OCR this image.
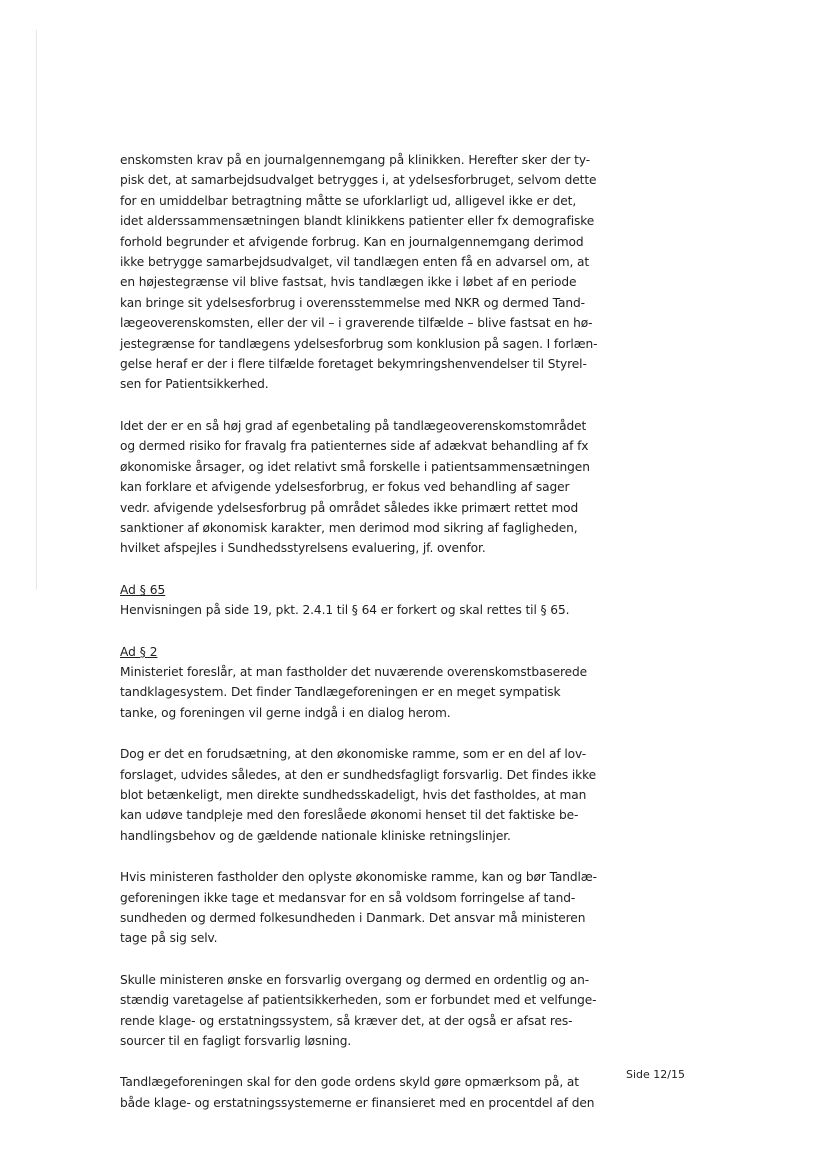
enskomsten krav på en journalgennemgang på klinikken. Herefter sker der ty-
pisk det, at samarbejdsudvalget betrygges i, at ydelsesforbruget, selvom dette
for en umiddelbar betragtning måtte se uforklarligt ud, alligevel ikke er det,
idet alderssammensætningen blandt klinikkens patienter eller fx demografiske
forhold begrunder et afvigende forbrug. Kan en journalgennemgang derimod
ikke betrygge samarbejdsudvalget, vil tandlægen enten få en advarsel om, at
en højestegrænse vil blive fastsat, hvis tandlægen ikke i løbet af en periode
kan bringe sit ydelsesforbrug i overensstemmelse med NKR og dermed Tand-
lægeoverenskomsten, eller der vil – i graverende tilfælde – blive fastsat en hø-
jestegrænse for tandlægens ydelsesforbrug som konklusion på sagen. I forlæn-
gelse heraf er der i flere tilfælde foretaget bekymringshenvendelser til Styrel-
sen for Patientsikkerhed.

Idet der er en så høj grad af egenbetaling på tandlægeoverenskomstområdet
og dermed risiko for fravalg fra patienternes side af adækvat behandling af fx
økonomiske årsager, og idet relativt små forskelle i patientsammensætningen
kan forklare et afvigende ydelsesforbrug, er fokus ved behandling af sager
vedr. afvigende ydelsesforbrug på området således ikke primært rettet mod
sanktioner af økonomisk karakter, men derimod mod sikring af fagligheden,
hvilket afspejles i Sundhedsstyrelsens evaluering, jf. ovenfor.

Ad § 65

Henvisningen på side 19, pkt. 2.4.1 til § 64 er forkert og skal rettes til § 65.

Ad § 2

Ministeriet foreslår, at man fastholder det nuværende overenskomstbaserede
tandklagesystem. Det finder Tandlægeforeningen er en meget sympatisk
tanke, og foreningen vil gerne indgå i en dialog herom.

Dog er det en forudsætning, at den økonomiske ramme, som er en del af lov-
forslaget, udvides således, at den er sundhedsfagligt forsvarlig. Det findes ikke
blot betænkeligt, men direkte sundhedsskadeligt, hvis det fastholdes, at man
kan udøve tandpleje med den foreslåede økonomi henset til det faktiske be-
handlingsbehov og de gældende nationale kliniske retningslinjer.

Hvis ministeren fastholder den oplyste økonomiske ramme, kan og bør Tandlæ-
geforeningen ikke tage et medansvar for en så voldsom forringelse af tand-
sundheden og dermed folkesundheden i Danmark. Det ansvar må ministeren
tage på sig selv.

Skulle ministeren ønske en forsvarlig overgang og dermed en ordentlig og an-
stændig varetagelse af patientsikkerheden, som er forbundet med et velfunge-
rende klage- og erstatningssystem, så kræver det, at der også er afsat res-
sourcer til en fagligt forsvarlig løsning.

Tandlægeforeningen skal for den gode ordens skyld gøre opmærksom på, at
både klage- og erstatningssystemerne er finansieret med en procentdel af den

Side 12/15
